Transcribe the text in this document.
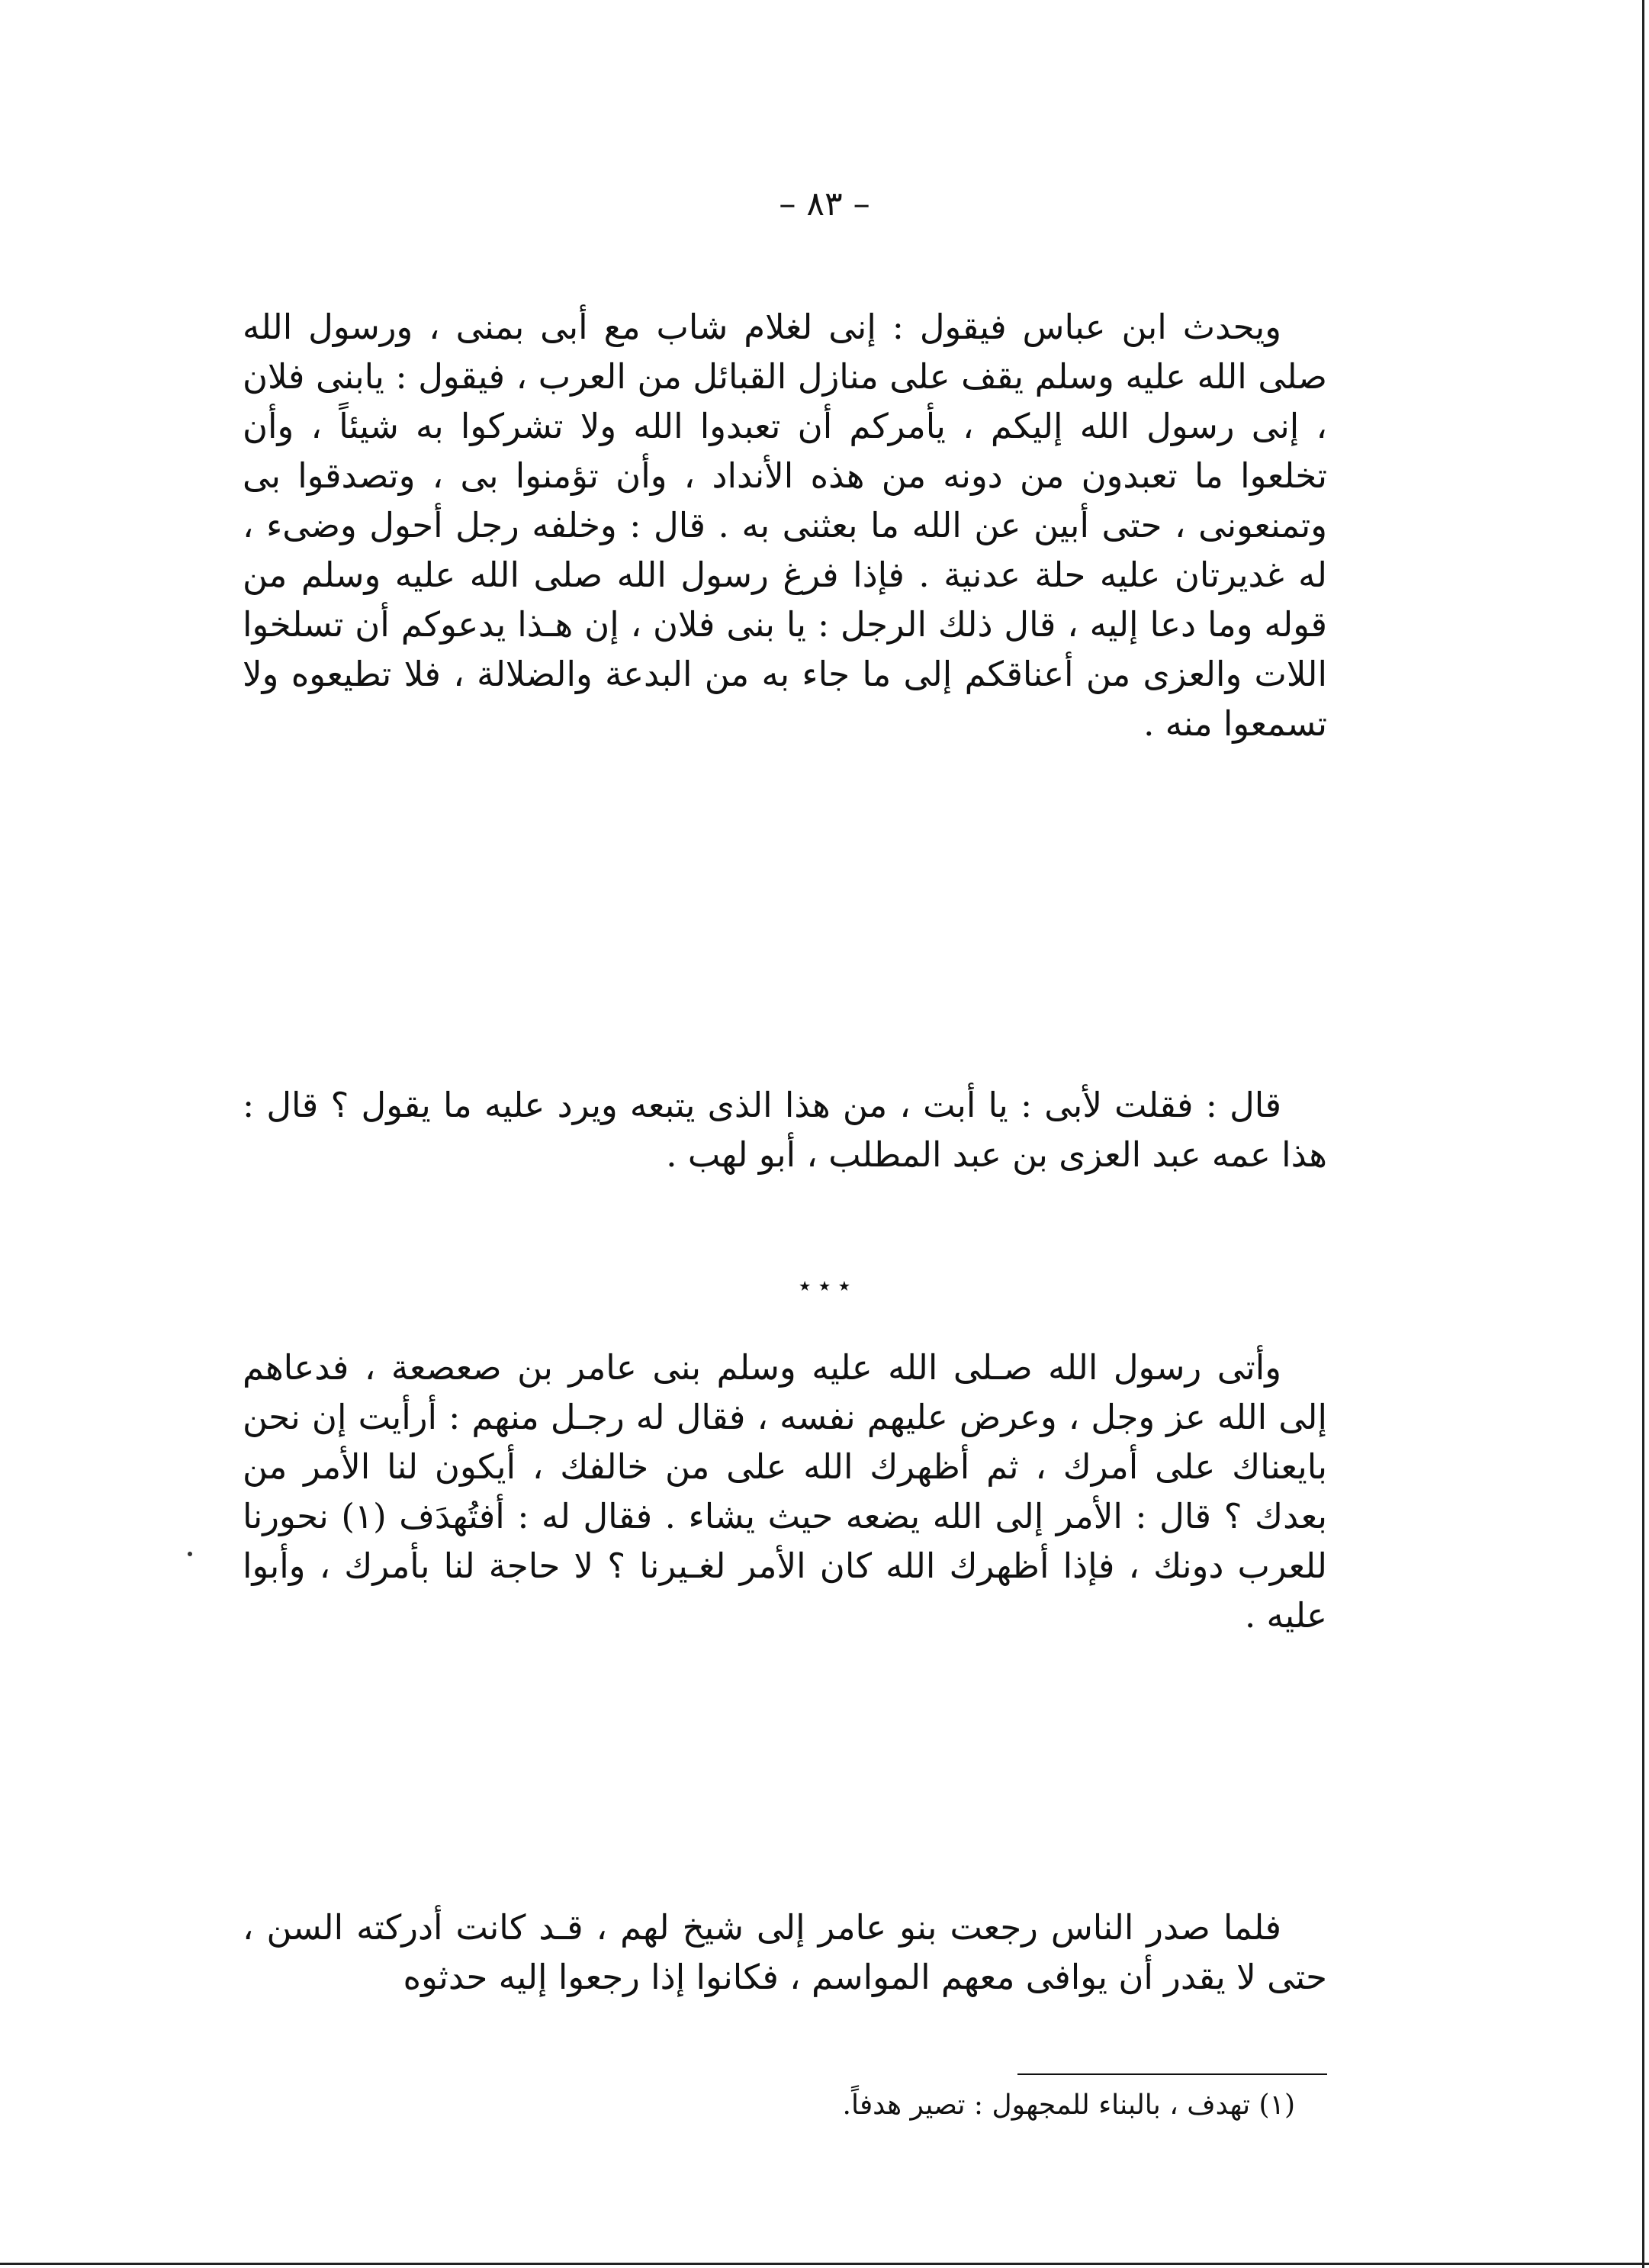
– ٨٣ –

ويحدث ابن عباس فيقول : إنى لغلام شاب مع أبى بمنى ، ورسول الله صلى الله عليه وسلم يقف على منازل القبائل من العرب ، فيقول : يابنى فلان ، إنى رسول الله إليكم ، يأمركم أن تعبدوا الله ولا تشركوا به شيئاً ، وأن تخلعوا ما تعبدون من دونه من هذه الأنداد ، وأن تؤمنوا بى ، وتصدقوا بى وتمنعونى ، حتى أبين عن الله ما بعثنى به . قال : وخلفه رجل أحول وضىء ، له غديرتان عليه حلة عدنية . فإذا فرغ رسول الله صلى الله عليه وسلم من قوله وما دعا إليه ، قال ذلك الرجل : يا بنى فلان ، إن هـذا يدعوكم أن تسلخوا اللات والعزى من أعناقكم إلى ما جاء به من البدعة والضلالة ، فلا تطيعوه ولا تسمعوا منه .

قال : فقلت لأبى : يا أبت ، من هذا الذى يتبعه ويرد عليه ما يقول ؟ قال : هذا عمه عبد العزى بن عبد المطلب ، أبو لهب .

٭ ٭ ٭

وأتى رسول الله صـلى الله عليه وسلم بنى عامر بن صعصعة ، فدعاهم إلى الله عز وجل ، وعرض عليهم نفسه ، فقال له رجـل منهم : أرأيت إن نحن بايعناك على أمرك ، ثم أظهرك الله على من خالفك ، أيكون لنا الأمر من بعدك ؟ قال : الأمر إلى الله يضعه حيث يشاء . فقال له : أفتُهدَف (١) نحورنا للعرب دونك ، فإذا أظهرك الله كان الأمر لغـيرنا ؟ لا حاجة لنا بأمرك ، وأبوا عليه .

فلما صدر الناس رجعت بنو عامر إلى شيخ لهم ، قـد كانت أدركته السن ، حتى لا يقدر أن يوافى معهم المواسم ، فكانوا إذا رجعوا إليه حدثوه

(١) تهدف ، بالبناء للمجهول : تصير هدفاً.
